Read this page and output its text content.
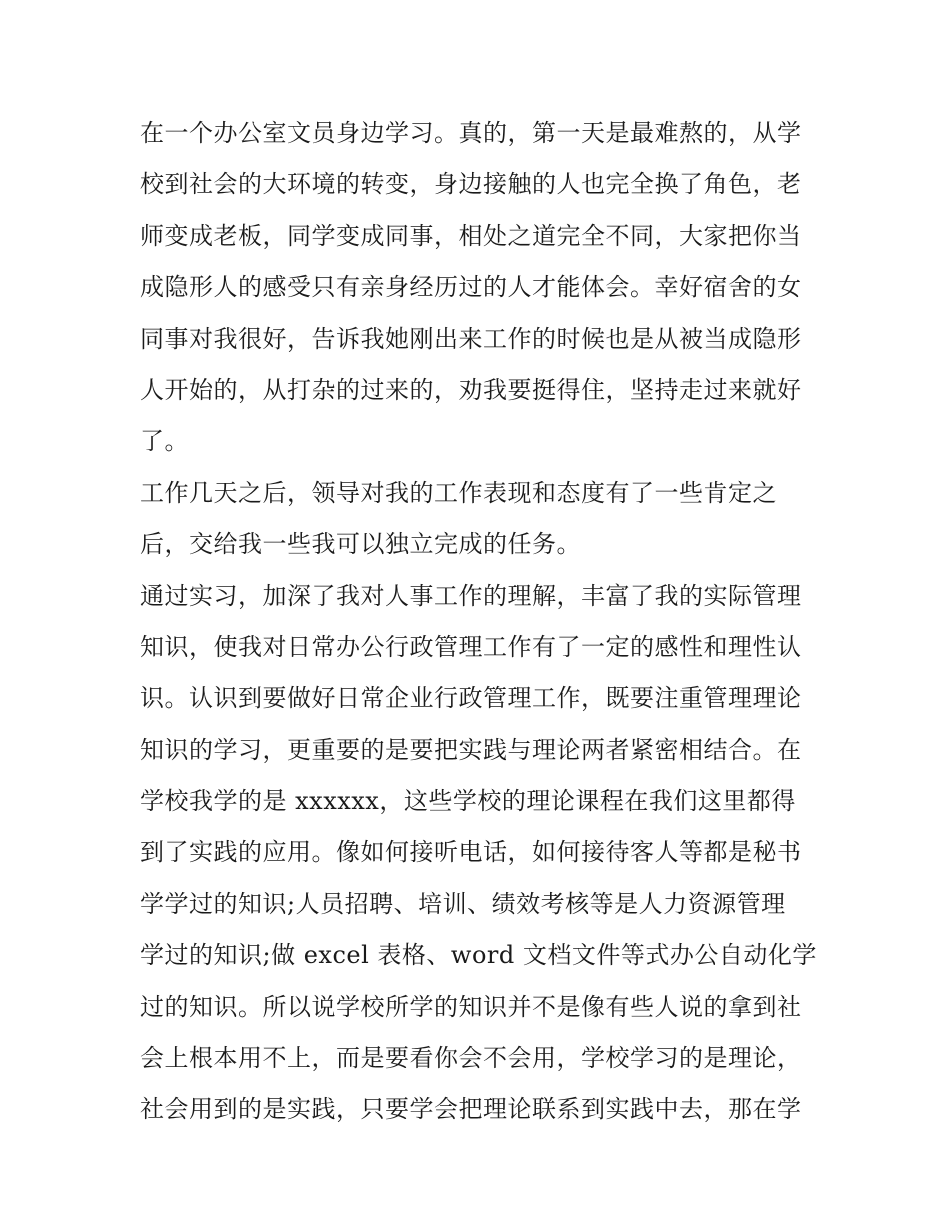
在一个办公室文员身边学习。真的，第一天是最难熬的，从学
校到社会的大环境的转变，身边接触的人也完全换了角色，老
师变成老板，同学变成同事，相处之道完全不同，大家把你当
成隐形人的感受只有亲身经历过的人才能体会。幸好宿舍的女
同事对我很好，告诉我她刚出来工作的时候也是从被当成隐形
人开始的，从打杂的过来的，劝我要挺得住，坚持走过来就好
了。
工作几天之后，领导对我的工作表现和态度有了一些肯定之
后，交给我一些我可以独立完成的任务。
通过实习，加深了我对人事工作的理解，丰富了我的实际管理
知识，使我对日常办公行政管理工作有了一定的感性和理性认
识。认识到要做好日常企业行政管理工作，既要注重管理理论
知识的学习，更重要的是要把实践与理论两者紧密相结合。在
学校我学的是 xxxxxx，这些学校的理论课程在我们这里都得
到了实践的应用。像如何接听电话，如何接待客人等都是秘书
学学过的知识;人员招聘、培训、绩效考核等是人力资源管理
学过的知识;做 excel 表格、word 文档文件等式办公自动化学
过的知识。所以说学校所学的知识并不是像有些人说的拿到社
会上根本用不上，而是要看你会不会用，学校学习的是理论，
社会用到的是实践，只要学会把理论联系到实践中去，那在学
